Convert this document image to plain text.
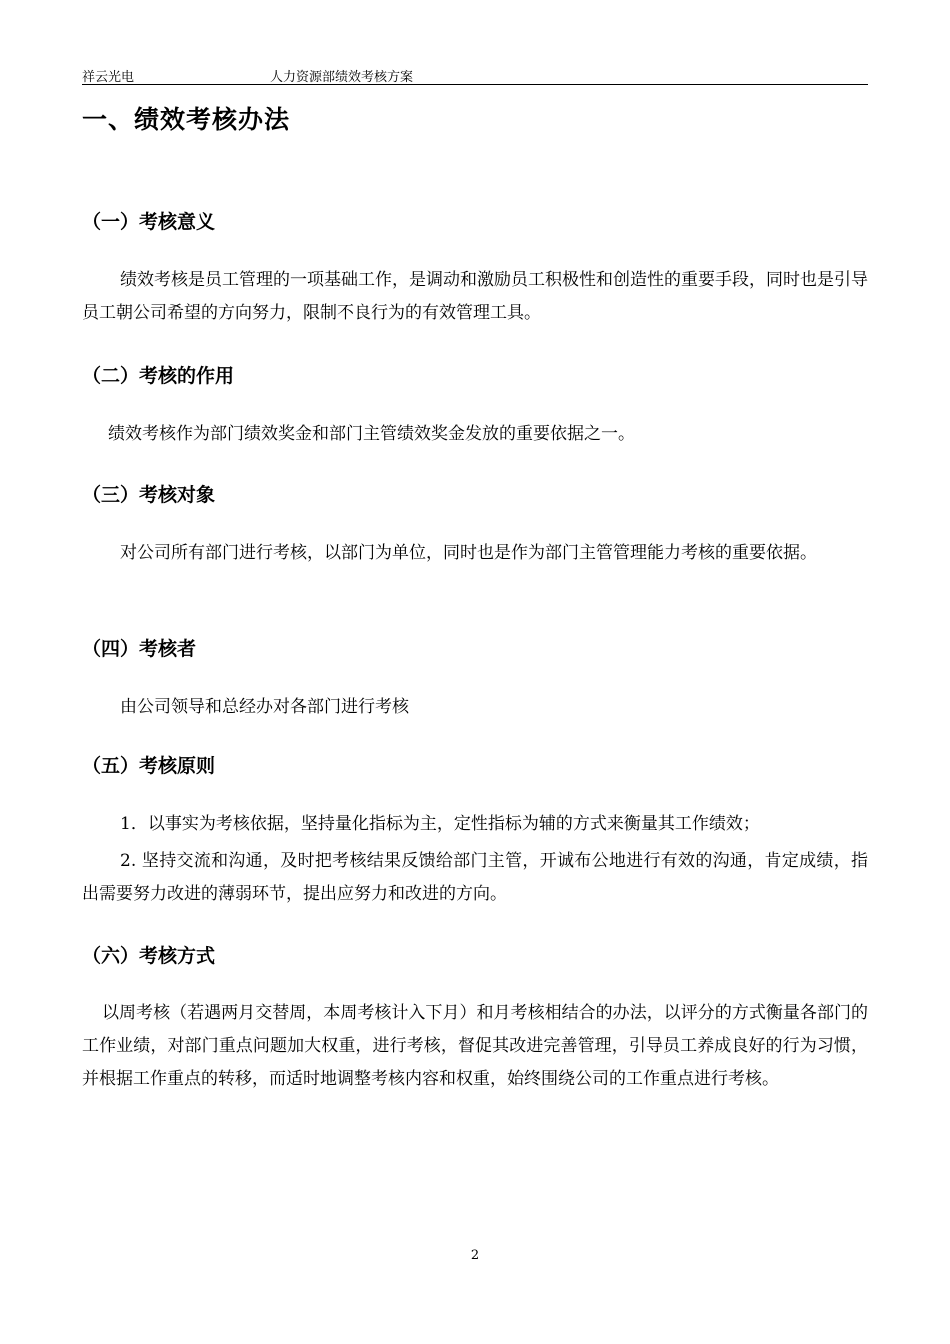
祥云光电	人力资源部绩效考核方案
一、绩效考核办法
（一）考核意义

绩效考核是员工管理的一项基础工作，是调动和激励员工积极性和创造性的重要手段，同时也是引导员工朝公司希望的方向努力，限制不良行为的有效管理工具。

（二）考核的作用

绩效考核作为部门绩效奖金和部门主管绩效奖金发放的重要依据之一。

（三）考核对象

对公司所有部门进行考核，以部门为单位，同时也是作为部门主管管理能力考核的重要依据。

（四）考核者

由公司领导和总经办对各部门进行考核

（五）考核原则

1．以事实为考核依据，坚持量化指标为主，定性指标为辅的方式来衡量其工作绩效；

2. 坚持交流和沟通，及时把考核结果反馈给部门主管，开诚布公地进行有效的沟通，肯定成绩，指出需要努力改进的薄弱环节，提出应努力和改进的方向。

（六）考核方式

以周考核（若遇两月交替周，本周考核计入下月）和月考核相结合的办法，以评分的方式衡量各部门的工作业绩，对部门重点问题加大权重，进行考核，督促其改进完善管理，引导员工养成良好的行为习惯，并根据工作重点的转移，而适时地调整考核内容和权重，始终围绕公司的工作重点进行考核。

2
